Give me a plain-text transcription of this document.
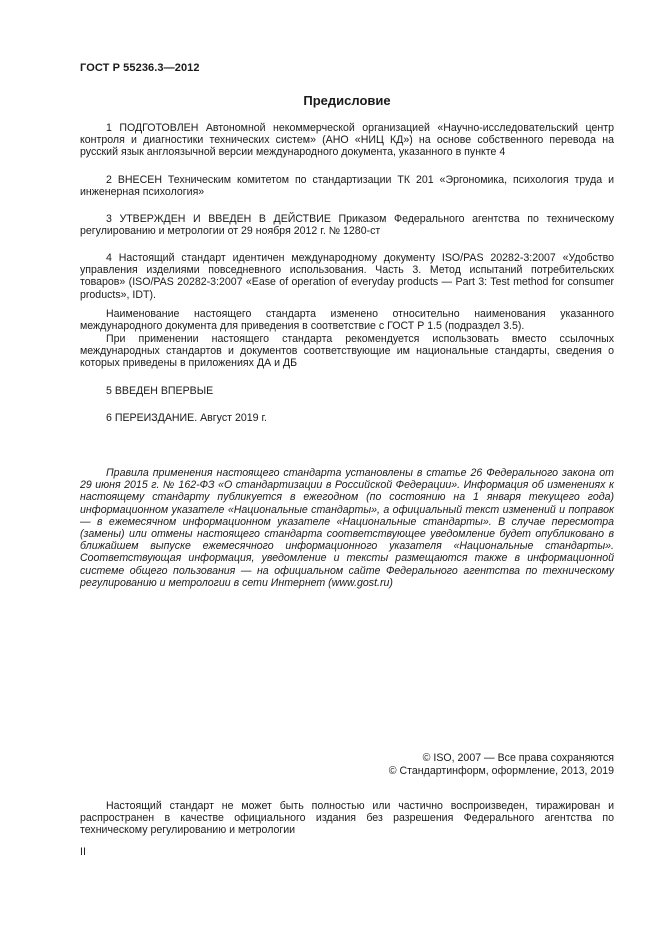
ГОСТ Р 55236.3—2012
Предисловие
1 ПОДГОТОВЛЕН Автономной некоммерческой организацией «Научно-исследовательский центр контроля и диагностики технических систем» (АНО «НИЦ КД») на основе собственного перевода на русский язык англоязычной версии международного документа, указанного в пункте 4
2 ВНЕСЕН Техническим комитетом по стандартизации ТК 201 «Эргономика, психология труда и инженерная психология»
3 УТВЕРЖДЕН И ВВЕДЕН В ДЕЙСТВИЕ Приказом Федерального агентства по техническому регулированию и метрологии от 29 ноября 2012 г. № 1280-ст
4 Настоящий стандарт идентичен международному документу ISO/PAS 20282-3:2007 «Удобство управления изделиями повседневного использования. Часть 3. Метод испытаний потребительских товаров» (ISO/PAS 20282-3:2007 «Ease of operation of everyday products — Part 3: Test method for consumer products», IDT).
Наименование настоящего стандарта изменено относительно наименования указанного международного документа для приведения в соответствие с ГОСТ Р 1.5 (подраздел 3.5).
При применении настоящего стандарта рекомендуется использовать вместо ссылочных международных стандартов и документов соответствующие им национальные стандарты, сведения о которых приведены в приложениях ДА и ДБ
5 ВВЕДЕН ВПЕРВЫЕ
6 ПЕРЕИЗДАНИЕ. Август 2019 г.
Правила применения настоящего стандарта установлены в статье 26 Федерального закона от 29 июня 2015 г. № 162-ФЗ «О стандартизации в Российской Федерации». Информация об изменениях к настоящему стандарту публикуется в ежегодном (по состоянию на 1 января текущего года) информационном указателе «Национальные стандарты», а официальный текст изменений и поправок — в ежемесячном информационном указателе «Национальные стандарты». В случае пересмотра (замены) или отмены настоящего стандарта соответствующее уведомление будет опубликовано в ближайшем выпуске ежемесячного информационного указателя «Национальные стандарты». Соответствующая информация, уведомление и тексты размещаются также в информационной системе общего пользования — на официальном сайте Федерального агентства по техническому регулированию и метрологии в сети Интернет (www.gost.ru)
© ISO, 2007 — Все права сохраняются
© Стандартинформ, оформление, 2013, 2019
Настоящий стандарт не может быть полностью или частично воспроизведен, тиражирован и распространен в качестве официального издания без разрешения Федерального агентства по техническому регулированию и метрологии
II
